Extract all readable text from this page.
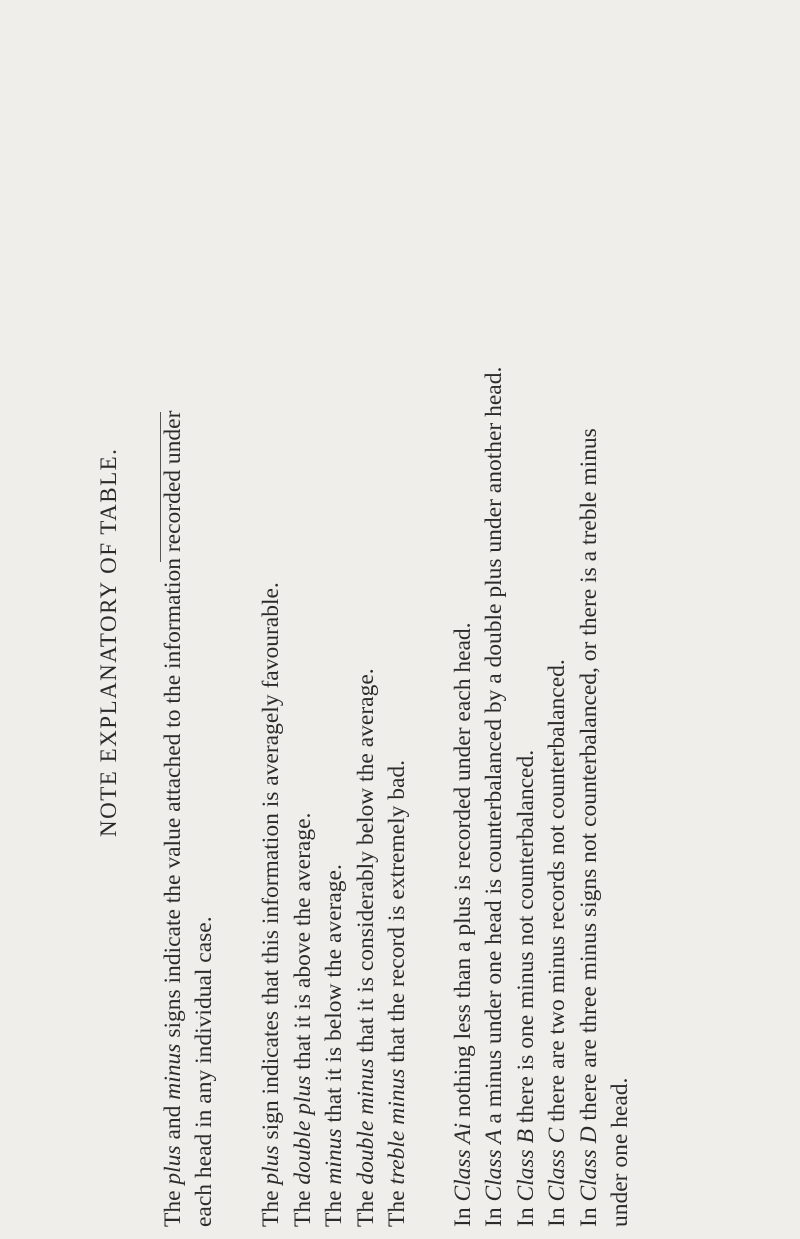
NOTE EXPLANATORY OF TABLE.

The plus and minus signs indicate the value attached to the information recorded under

each head in any individual case. The plus sign indicates that this information is averagely favourable.

The double plus that it is above the average.

The minus that it is below the average.

The double minus that it is considerably below the average.

The treble minus that the record is extremely bad.

In Class Ai nothing less than a plus is recorded under each head.

In Class A a minus under one head is counterbalanced by a double plus under another head.

In Class B there is one minus not counterbalanced.

In Class C there are two minus records not counterbalanced.

In Class D there are three minus signs not counterbalanced, or there is a treble minus

under one head.
